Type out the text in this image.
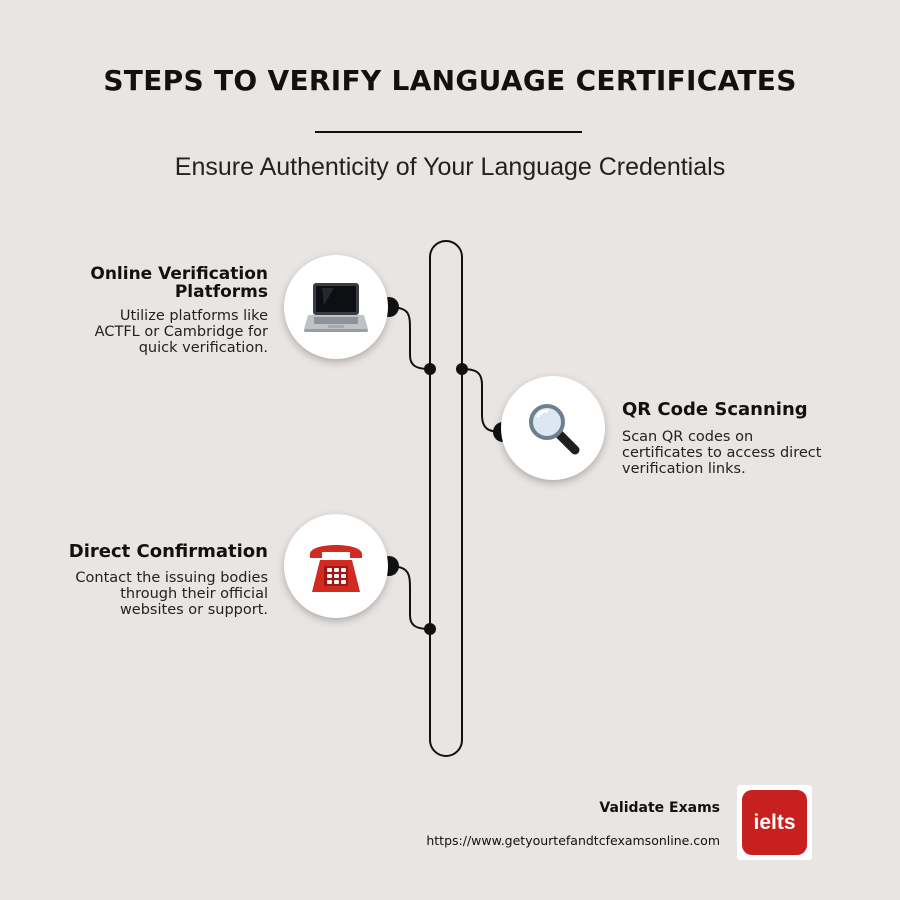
STEPS TO VERIFY LANGUAGE CERTIFICATES

Ensure Authenticity of Your Language Credentials

Online Verification
Platforms
Utilize platforms like
ACTFL or Cambridge for
quick verification.
QR Code Scanning
Scan QR codes on
certificates to access direct
verification links.
Direct Confirmation
Contact the issuing bodies
through their official
websites or support.
Validate Exams
https://www.getyourtefandtcfexamsonline.com
ielts
